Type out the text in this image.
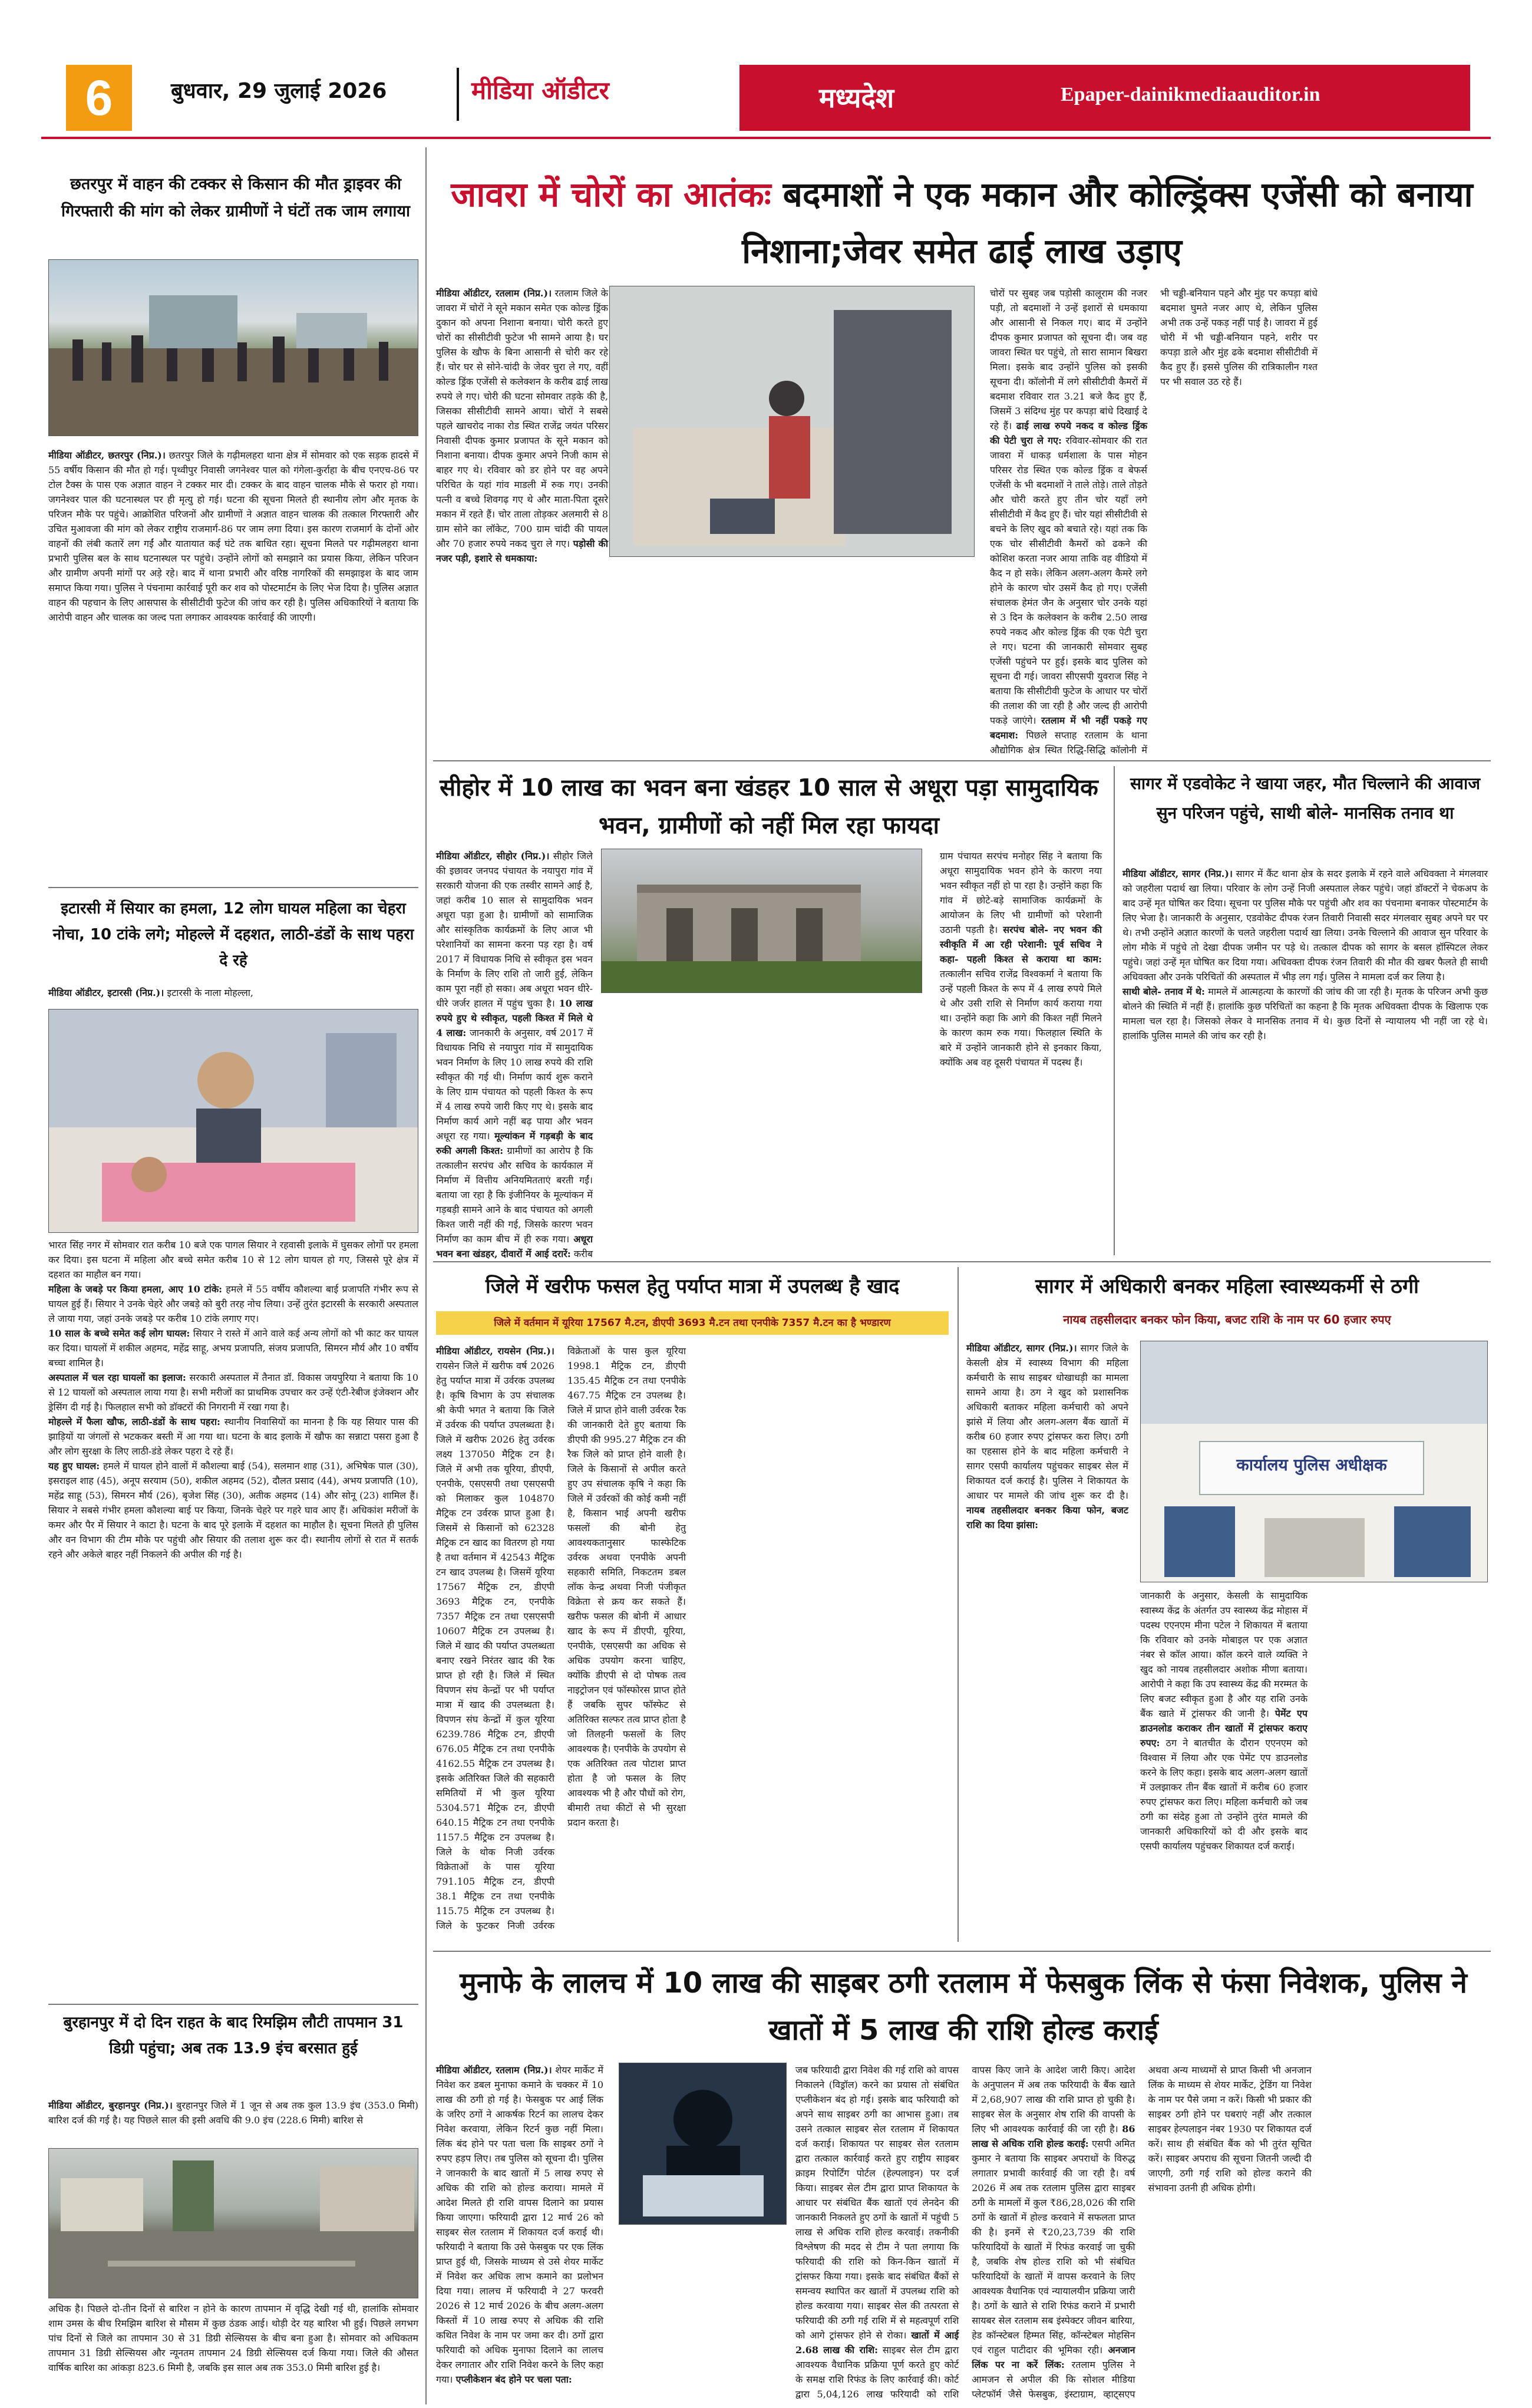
6	बुधवार, 29 जुलाई 2026	मीडिया ऑडीटर	मध्यदेश	Epaper-dainikmediaauditor.in
छतरपुर में वाहन की टक्कर से किसान की मौत ड्राइवर की गिरफ्तारी की मांग को लेकर ग्रामीणों ने घंटों तक जाम लगाया
मीडिया ऑडीटर, छतरपुर (निप्र.)। छतरपुर जिले के गढ़ीमलहरा थाना क्षेत्र में सोमवार को एक सड़क हादसे में 55 वर्षीय किसान की मौत हो गई। पृथ्वीपुर निवासी जगनेश्वर पाल को गंगेला-कुर्राहा के बीच एनएच-86 पर टोल टैक्स के पास एक अज्ञात वाहन ने टक्कर मार दी। टक्कर के बाद वाहन चालक मौके से फरार हो गया। जगनेश्वर पाल की घटनास्थल पर ही मृत्यु हो गई। घटना की सूचना मिलते ही स्थानीय लोग और मृतक के परिजन मौके पर पहुंचे। आक्रोशित परिजनों और ग्रामीणों ने अज्ञात वाहन चालक की तत्काल गिरफ्तारी और उचित मुआवजा की मांग को लेकर राष्ट्रीय राजमार्ग-86 पर जाम लगा दिया। इस कारण राजमार्ग के दोनों ओर वाहनों की लंबी कतारें लग गईं और यातायात कई घंटे तक बाधित रहा। सूचना मिलते पर गढ़ीमलहरा थाना प्रभारी पुलिस बल के साथ घटनास्थल पर पहुंचे। उन्होंने लोगों को समझाने का प्रयास किया, लेकिन परिजन और ग्रामीण अपनी मांगों पर अड़े रहे। बाद में थाना प्रभारी और वरिष्ठ नागरिकों की समझाइश के बाद जाम समाप्त किया गया। पुलिस ने पंचनामा कार्रवाई पूरी कर शव को पोस्टमार्टम के लिए भेज दिया है। पुलिस अज्ञात वाहन की पहचान के लिए आसपास के सीसीटीवी फुटेज की जांच कर रही है। पुलिस अधिकारियों ने बताया कि आरोपी वाहन और चालक का जल्द पता लगाकर आवश्यक कार्रवाई की जाएगी।
इटारसी में सियार का हमला, 12 लोग घायल महिला का चेहरा नोचा, 10 टांके लगे; मोहल्ले में दहशत, लाठी-डंडों के साथ पहरा दे रहे
मीडिया ऑडीटर, इटारसी (निप्र.)। इटारसी के नाला मोहल्ला,
भारत सिंह नगर में सोमवार रात करीब 10 बजे एक पागल सियार ने रहवासी इलाके में घुसकर लोगों पर हमला कर दिया। इस घटना में महिला और बच्चे समेत करीब 10 से 12 लोग घायल हो गए, जिससे पूरे क्षेत्र में दहशत का माहौल बन गया।
महिला के जबड़े पर किया हमला, आए 10 टांके: हमले में 55 वर्षीय कौशल्या बाई प्रजापति गंभीर रूप से घायल हुई हैं। सियार ने उनके चेहरे और जबड़े को बुरी तरह नोच लिया। उन्हें तुरंत इटारसी के सरकारी अस्पताल ले जाया गया, जहां उनके जबड़े पर करीब 10 टांके लगाए गए।
10 साल के बच्चे समेत कई लोग घायल: सियार ने रास्ते में आने वाले कई अन्य लोगों को भी काट कर घायल कर दिया। घायलों में शकील अहमद, महेंद्र साहू, अभय प्रजापति, संजय प्रजापति, सिमरन मौर्य और 10 वर्षीय बच्चा शामिल है।
अस्पताल में चल रहा घायलों का इलाज: सरकारी अस्पताल में तैनात डॉ. विकास जयपुरिया ने बताया कि 10 से 12 घायलों को अस्पताल लाया गया है। सभी मरीजों का प्राथमिक उपचार कर उन्हें एंटी-रेबीज इंजेक्शन और ड्रेसिंग दी गई है। फिलहाल सभी को डॉक्टरों की निगरानी में रखा गया है।
मोहल्ले में फैला खौफ, लाठी-डंडों के साथ पहरा: स्थानीय निवासियों का मानना है कि यह सियार पास की झाड़ियों या जंगलों से भटककर बस्ती में आ गया था। घटना के बाद इलाके में खौफ का सन्नाटा पसरा हुआ है और लोग सुरक्षा के लिए लाठी-डंडे लेकर पहरा दे रहे हैं।
यह हुए घायल: हमले में घायल होने वालों में कौशल्या बाई (54), सलमान शाह (31), अभिषेक पाल (30), इसराइल शाह (45), अनूप सरयाम (50), शकील अहमद (52), दौलत प्रसाद (44), अभय प्रजापति (10), महेंद्र साहू (53), सिमरन मौर्य (26), बृजेश सिंह (30), अतीक अहमद (14) और सोनू (23) शामिल हैं। सियार ने सबसे गंभीर हमला कौशल्या बाई पर किया, जिनके चेहरे पर गहरे घाव आए हैं। अधिकांश मरीजों के कमर और पैर में सियार ने काटा है। घटना के बाद पूरे इलाके में दहशत का माहौल है। सूचना मिलते ही पुलिस और वन विभाग की टीम मौके पर पहुंची और सियार की तलाश शुरू कर दी। स्थानीय लोगों से रात में सतर्क रहने और अकेले बाहर नहीं निकलने की अपील की गई है।
बुरहानपुर में दो दिन राहत के बाद रिमझिम लौटी तापमान 31 डिग्री पहुंचा; अब तक 13.9 इंच बरसात हुई
मीडिया ऑडीटर, बुरहानपुर (निप्र.)। बुरहानपुर जिले में 1 जून से अब तक कुल 13.9 इंच (353.0 मिमी) बारिश दर्ज की गई है। यह पिछले साल की इसी अवधि की 9.0 इंच (228.6 मिमी) बारिश से
अधिक है। पिछले दो-तीन दिनों से बारिश न होने के कारण तापमान में वृद्धि देखी गई थी, हालांकि सोमवार शाम उमस के बीच रिमझिम बारिश से मौसम में कुछ ठंडक आई। थोड़ी देर यह बारिश भी हुई। पिछले लगभग पांच दिनों से जिले का तापमान 30 से 31 डिग्री सेल्सियस के बीच बना हुआ है। सोमवार को अधिकतम तापमान 31 डिग्री सेल्सियस और न्यूनतम तापमान 24 डिग्री सेल्सियस दर्ज किया गया। जिले की औसत वार्षिक बारिश का आंकड़ा 823.6 मिमी है, जबकि इस साल अब तक 353.0 मिमी बारिश हुई है।
जावरा में चोरों का आतंकः बदमाशों ने एक मकान और कोल्ड्रिंक्स एजेंसी को बनाया निशाना;जेवर समेत ढाई लाख उड़ाए
मीडिया ऑडीटर, रतलाम (निप्र.)। रतलाम जिले के जावरा में चोरों ने सूने मकान समेत एक कोल्ड ड्रिंक दुकान को अपना निशाना बनाया। चोरी करते हुए चोरों का सीसीटीवी फुटेज भी सामने आया है। घर पुलिस के खौफ के बिना आसानी से चोरी कर रहे हैं। चोर घर से सोने-चांदी के जेवर चुरा ले गए, वहीं कोल्ड ड्रिंक एजेंसी से कलेक्शन के करीब ढाई लाख रुपये ले गए। चोरी की घटना सोमवार तड़के की है, जिसका सीसीटीवी सामने आया। चोरों ने सबसे पहले खाचरोद नाका रोड स्थित राजेंद्र जयंत परिसर निवासी दीपक कुमार प्रजापत के सूने मकान को निशाना बनाया। दीपक कुमार अपने निजी काम से बाहर गए थे। रविवार को डर होने पर वह अपने परिचित के यहां गांव माडली में रुक गए। उनकी पत्नी व बच्चे शिवगढ़ गए थे और माता-पिता दूसरे मकान में रहते हैं। चोर ताला तोड़कर अलमारी से 8 ग्राम सोने का लॉकेट, 700 ग्राम चांदी की पायल और 70 हजार रुपये नकद चुरा ले गए। पड़ोसी की नजर पड़ी, इशारे से धमकाया:
चोरों पर सुबह जब पड़ोसी कालूराम की नजर पड़ी, तो बदमाशों ने उन्हें इशारों से धमकाया और आसानी से निकल गए। बाद में उन्होंने दीपक कुमार प्रजापत को सूचना दी। जब वह जावरा स्थित घर पहुंचे, तो सारा सामान बिखरा मिला। इसके बाद उन्होंने पुलिस को इसकी सूचना दी। कॉलोनी में लगे सीसीटीवी कैमरों में बदमाश रविवार रात 3.21 बजे कैद हुए हैं, जिसमें 3 संदिग्ध मुंह पर कपड़ा बांधे दिखाई दे रहे हैं। ढाई लाख रुपये नकद व कोल्ड ड्रिंक की पेटी चुरा ले गए: रविवार-सोमवार की रात जावरा में धाकड़ धर्मशाला के पास मोहन परिसर रोड स्थित एक कोल्ड ड्रिंक व बेफर्स एजेंसी के भी बदमाशों ने ताले तोड़े। ताले तोड़ते और चोरी करते हुए तीन चोर यहाँ लगे सीसीटीवी में कैद हुए हैं। चोर यहां सीसीटीवी से बचने के लिए खुद को बचाते रहे। यहां तक कि एक चोर सीसीटीवी कैमरों को ढकने की कोशिश करता नजर आया ताकि वह वीडियो में कैद न हो सके। लेकिन अलग-अलग कैमरे लगे होने के कारण चोर उसमें कैद हो गए। एजेंसी संचालक हेमंत जैन के अनुसार चोर उनके यहां से 3 दिन के कलेक्शन के करीब 2.50 लाख रुपये नकद और कोल्ड ड्रिंक की एक पेटी चुरा ले गए। घटना की जानकारी सोमवार सुबह एजेंसी पहुंचने पर हुई। इसके बाद पुलिस को सूचना दी गई। जावरा सीएसपी युवराज सिंह ने बताया कि सीसीटीवी फुटेज के आधार पर चोरों की तलाश की जा रही है और जल्द ही आरोपी पकड़े जाएंगे। रतलाम में भी नहीं पकड़े गए बदमाश: पिछले सप्ताह रतलाम के थाना औद्योगिक क्षेत्र स्थित रिद्धि-सिद्धि कॉलोनी में भी चड्डी-बनियान पहने और मुंह पर कपड़ा बांधे बदमाश घुमते नजर आए थे, लेकिन पुलिस अभी तक उन्हें पकड़ नहीं पाई है। जावरा में हुई चोरी में भी चड्डी-बनियान पहने, शरीर पर कपड़ा डाले और मुंह ढके बदमाश सीसीटीवी में कैद हुए हैं। इससे पुलिस की रात्रिकालीन गश्त पर भी सवाल उठ रहे हैं।
सीहोर में 10 लाख का भवन बना खंडहर 10 साल से अधूरा पड़ा सामुदायिक भवन, ग्रामीणों को नहीं मिल रहा फायदा
मीडिया ऑडीटर, सीहोर (निप्र.)। सीहोर जिले की इछावर जनपद पंचायत के नयापुरा गांव में सरकारी योजना की एक तस्वीर सामने आई है, जहां करीब 10 साल से सामुदायिक भवन अधूरा पड़ा हुआ है। ग्रामीणों को सामाजिक और सांस्कृतिक कार्यक्रमों के लिए आज भी परेशानियों का सामना करना पड़ रहा है। वर्ष 2017 में विधायक निधि से स्वीकृत इस भवन के निर्माण के लिए राशि तो जारी हुई, लेकिन काम पूरा नहीं हो सका। अब अधूरा भवन धीरे-धीरे जर्जर हालत में पहुंच चुका है। 10 लाख रुपये हुए थे स्वीकृत, पहली किश्त में मिले थे 4 लाख: जानकारी के अनुसार, वर्ष 2017 में विधायक निधि से नयापुरा गांव में सामुदायिक भवन निर्माण के लिए 10 लाख रुपये की राशि स्वीकृत की गई थी। निर्माण कार्य शुरू कराने के लिए ग्राम पंचायत को पहली किश्त के रूप में 4 लाख रुपये जारी किए गए थे। इसके बाद निर्माण कार्य आगे नहीं बढ़ पाया और भवन अधूरा रह गया। मूल्यांकन में गड़बड़ी के बाद रुकी अगली किश्त: ग्रामीणों का आरोप है कि तत्कालीन सरपंच और सचिव के कार्यकाल में निर्माण में वित्तीय अनियमितताएं बरती गईं। बताया जा रहा है कि इंजीनियर के मूल्यांकन में गड़बड़ी सामने आने के बाद पंचायत को अगली किश्त जारी नहीं की गई, जिसके कारण भवन निर्माण का काम बीच में ही रुक गया। अधूरा भवन बना खंडहर, दीवारों में आई दरारें: करीब
ग्राम पंचायत सरपंच मनोहर सिंह ने बताया कि अधूरा सामुदायिक भवन होने के कारण नया भवन स्वीकृत नहीं हो पा रहा है। उन्होंने कहा कि गांव में छोटे-बड़े सामाजिक कार्यक्रमों के आयोजन के लिए भी ग्रामीणों को परेशानी उठानी पड़ती है। सरपंच बोले- नए भवन की स्वीकृति में आ रही परेशानी: पूर्व सचिव ने कहा- पहली किश्त से कराया था काम: तत्कालीन सचिव राजेंद्र विश्वकर्मा ने बताया कि उन्हें पहली किश्त के रूप में 4 लाख रुपये मिले थे और उसी राशि से निर्माण कार्य कराया गया था। उन्होंने कहा कि आगे की किश्त नहीं मिलने के कारण काम रुक गया। फिलहाल स्थिति के बारे में उन्होंने जानकारी होने से इनकार किया, क्योंकि अब वह दूसरी पंचायत में पदस्थ हैं।
सागर में एडवोकेट ने खाया जहर, मौत चिल्लाने की आवाज सुन परिजन पहुंचे, साथी बोले- मानसिक तनाव था
मीडिया ऑडीटर, सागर (निप्र.)। सागर में कैंट थाना क्षेत्र के सदर इलाके में रहने वाले अधिवक्ता ने मंगलवार को जहरीला पदार्थ खा लिया। परिवार के लोग उन्हें निजी अस्पताल लेकर पहुंचे। जहां डॉक्टरों ने चेकअप के बाद उन्हें मृत घोषित कर दिया। सूचना पर पुलिस मौके पर पहुंची और शव का पंचनामा बनाकर पोस्टमार्टम के लिए भेजा है। जानकारी के अनुसार, एडवोकेट दीपक रंजन तिवारी निवासी सदर मंगलवार सुबह अपने घर पर थे। तभी उन्होंने अज्ञात कारणों के चलते जहरीला पदार्थ खा लिया। उनके चिल्लाने की आवाज सुन परिवार के लोग मौके में पहुंचे तो देखा दीपक जमीन पर पड़े थे। तत्काल दीपक को सागर के बसल हॉस्पिटल लेकर पहुंचे। जहां उन्हें मृत घोषित कर दिया गया। अधिवक्ता दीपक रंजन तिवारी की मौत की खबर फैलते ही साथी अधिवक्ता और उनके परिचितों की अस्पताल में भीड़ लग गई। पुलिस ने मामला दर्ज कर लिया है।
साथी बोले- तनाव में थे: मामले में आत्महत्या के कारणों की जांच की जा रही है। मृतक के परिजन अभी कुछ बोलने की स्थिति में नहीं हैं। हालांकि कुछ परिचितों का कहना है कि मृतक अधिवक्ता दीपक के खिलाफ एक मामला चल रहा है। जिसको लेकर वे मानसिक तनाव में थे। कुछ दिनों से न्यायालय भी नहीं जा रहे थे। हालांकि पुलिस मामले की जांच कर रही है।
जिले में खरीफ फसल हेतु पर्याप्त मात्रा में उपलब्ध है खाद
जिले में वर्तमान में यूरिया 17567 मै.टन, डीएपी 3693 मै.टन तथा एनपीके 7357 मै.टन का है भण्डारण
मीडिया ऑडीटर, रायसेन (निप्र.)। रायसेन जिले में खरीफ वर्ष 2026 हेतु पर्याप्त मात्रा में उर्वरक उपलब्ध है। कृषि विभाग के उप संचालक श्री केपी भगत ने बताया कि जिले में उर्वरक की पर्याप्त उपलब्धता है। जिले में खरीफ 2026 हेतु उर्वरक लक्ष्य 137050 मैट्रिक टन है। जिले में अभी तक यूरिया, डीएपी, एनपीके, एसएसपी तथा एसएसपी को मिलाकर कुल 104870 मैट्रिक टन उर्वरक प्राप्त हुआ है। जिसमें से किसानों को 62328 मैट्रिक टन खाद का वितरण हो गया है तथा वर्तमान में 42543 मैट्रिक टन खाद उपलब्ध है। जिसमें यूरिया 17567 मैट्रिक टन, डीएपी 3693 मैट्रिक टन, एनपीके 7357 मैट्रिक टन तथा एसएसपी 10607 मैट्रिक टन उपलब्ध है। जिले में खाद की पर्याप्त उपलब्धता बनाए रखने निरंतर खाद की रैक प्राप्त हो रही है। जिले में स्थित विपणन संघ केन्द्रों पर भी पर्याप्त मात्रा में खाद की उपलब्धता है। विपणन संघ केन्द्रों में कुल यूरिया 6239.786 मैट्रिक टन, डीएपी 676.05 मैट्रिक टन तथा एनपीके 4162.55 मैट्रिक टन उपलब्ध है। इसके अतिरिक्त जिले की सहकारी समितियों में भी कुल यूरिया 5304.571 मैट्रिक टन, डीएपी 640.15 मैट्रिक टन तथा एनपीके 1157.5 मैट्रिक टन उपलब्ध है। जिले के थोक निजी उर्वरक विक्रेताओं के पास यूरिया 791.105 मैट्रिक टन, डीएपी 38.1 मैट्रिक टन तथा एनपीके 115.75 मैट्रिक टन उपलब्ध है। जिले के फुटकर निजी उर्वरक विक्रेताओं के पास कुल यूरिया 1998.1 मैट्रिक टन, डीएपी 135.45 मैट्रिक टन तथा एनपीके 467.75 मैट्रिक टन उपलब्ध है। जिले में प्राप्त होने वाली उर्वरक रैक की जानकारी देते हुए बताया कि डीएपी की 995.27 मैट्रिक टन की रैक जिले को प्राप्त होने वाली है। जिले के किसानों से अपील करते हुए उप संचालक कृषि ने कहा कि जिले में उर्वरकों की कोई कमी नहीं है, किसान भाई अपनी खरीफ फसलों की बोनी हेतु आवश्यकतानुसार फास्फेटिक उर्वरक अथवा एनपीके अपनी सहकारी समिति, निकटतम डबल लॉक केन्द्र अथवा निजी पंजीकृत विक्रेता से क्रय कर सकते हैं। खरीफ फसल की बोनी में आधार खाद के रूप में डीएपी, यूरिया, एनपीके, एसएसपी का अधिक से अधिक उपयोग करना चाहिए, क्योंकि डीएपी से दो पोषक तत्व नाइट्रोजन एवं फॉस्फोरस प्राप्त होते हैं जबकि सुपर फॉस्फेट से अतिरिक्त सल्फर तत्व प्राप्त होता है जो तिलहनी फसलों के लिए आवश्यक है। एनपीके के उपयोग से एक अतिरिक्त तत्व पोटाश प्राप्त होता है जो फसल के लिए आवश्यक भी है और पौधों को रोग, बीमारी तथा कीटों से भी सुरक्षा प्रदान करता है।
सागर में अधिकारी बनकर महिला स्वास्थ्यकर्मी से ठगी
नायब तहसीलदार बनकर फोन किया, बजट राशि के नाम पर 60 हजार रुपए
मीडिया ऑडीटर, सागर (निप्र.)। सागर जिले के केसली क्षेत्र में स्वास्थ्य विभाग की महिला कर्मचारी के साथ साइबर धोखाधड़ी का मामला सामने आया है। ठग ने खुद को प्रशासनिक अधिकारी बताकर महिला कर्मचारी को अपने झांसे में लिया और अलग-अलग बैंक खातों में करीब 60 हजार रुपए ट्रांसफर करा लिए। ठगी का एहसास होने के बाद महिला कर्मचारी ने सागर एसपी कार्यालय पहुंचकर साइबर सेल में शिकायत दर्ज कराई है। पुलिस ने शिकायत के आधार पर मामले की जांच शुरू कर दी है। नायब तहसीलदार बनकर किया फोन, बजट राशि का दिया झांसा:
कार्यालय पुलिस अधीक्षक
जानकारी के अनुसार, केसली के सामुदायिक स्वास्थ्य केंद्र के अंतर्गत उप स्वास्थ्य केंद्र मोहास में पदस्थ एएनएम मीना पटेल ने शिकायत में बताया कि रविवार को उनके मोबाइल पर एक अज्ञात नंबर से कॉल आया। कॉल करने वाले व्यक्ति ने खुद को नायब तहसीलदार अशोक मीणा बताया। आरोपी ने कहा कि उप स्वास्थ्य केंद्र की मरम्मत के लिए बजट स्वीकृत हुआ है और यह राशि उनके बैंक खाते में ट्रांसफर की जानी है। पेमेंट एप डाउनलोड कराकर तीन खातों में ट्रांसफर कराए रुपए: ठग ने बातचीत के दौरान एएनएम को विश्वास में लिया और एक पेमेंट एप डाउनलोड करने के लिए कहा। इसके बाद अलग-अलग खातों में उलझाकर तीन बैंक खातों में करीब 60 हजार रुपए ट्रांसफर करा लिए। महिला कर्मचारी को जब ठगी का संदेह हुआ तो उन्होंने तुरंत मामले की जानकारी अधिकारियों को दी और इसके बाद एसपी कार्यालय पहुंचकर शिकायत दर्ज कराई।
मुनाफे के लालच में 10 लाख की साइबर ठगी रतलाम में फेसबुक लिंक से फंसा निवेशक, पुलिस ने खातों में 5 लाख की राशि होल्ड कराई
मीडिया ऑडीटर, रतलाम (निप्र.)। शेयर मार्केट में निवेश कर डबल मुनाफा कमाने के चक्कर में 10 लाख की ठगी हो गई है। फेसबुक पर आई लिंक के जरिए ठगों ने आकर्षक रिटर्न का लालच देकर निवेश करवाया, लेकिन रिटर्न कुछ नहीं मिला। लिंक बंद होने पर पता चला कि साइबर ठगों ने रुपए हड़प लिए। तब पुलिस को सूचना दी। पुलिस ने जानकारी के बाद खातों में 5 लाख रुपए से अधिक की राशि को होल्ड कराया। मामले में आदेश मिलते ही राशि वापस दिलाने का प्रयास किया जाएगा। फरियादी द्वारा 12 मार्च 26 को साइबर सेल रतलाम में शिकायत दर्ज कराई थी। फरियादी ने बताया कि उसे फेसबुक पर एक लिंक प्राप्त हुई थी, जिसके माध्यम से उसे शेयर मार्केट में निवेश कर अधिक लाभ कमाने का प्रलोभन दिया गया। लालच में फरियादी ने 27 फरवरी 2026 से 12 मार्च 2026 के बीच अलग-अलग किस्तों में 10 लाख रुपए से अधिक की राशि कथित निवेश के नाम पर जमा कर दी। ठगों द्वारा फरियादी को अधिक मुनाफा दिलाने का लालच देकर लगातार और राशि निवेश करने के लिए कहा गया। एप्लीकेशन बंद होने पर चला पता:
जब फरियादी द्वारा निवेश की गई राशि को वापस निकालने (विड्रॉल) करने का प्रयास तो संबंधित एप्लीकेशन बंद हो गई। इसके बाद फरियादी को अपने साथ साइबर ठगी का आभास हुआ। तब उसने तत्काल साइबर सेल रतलाम में शिकायत दर्ज कराई। शिकायत पर साइबर सेल रतलाम द्वारा तत्काल कार्रवाई करते हुए राष्ट्रीय साइबर क्राइम रिपोर्टिंग पोर्टल (हेल्पलाइन) पर दर्ज किया। साइबर सेल टीम द्वारा प्राप्त शिकायत के आधार पर संबंधित बैंक खातों एवं लेनदेन की जानकारी निकलते हुए ठगों के खातों में पहुंची 5 लाख से अधिक राशि होल्ड करवाई। तकनीकी विश्लेषण की मदद से टीम ने पता लगाया कि फरियादी की राशि को किन-किन खातों में ट्रांसफर किया गया। इसके बाद संबंधित बैंकों से समन्वय स्थापित कर खातों में उपलब्ध राशि को होल्ड करवाया गया। साइबर सेल की तत्परता से फरियादी की ठगी गई राशि में से महत्वपूर्ण राशि को आगे ट्रांसफर होने से रोका। खातों में आई 2.68 लाख की राशि: साइबर सेल टीम द्वारा आवश्यक वैधानिक प्रक्रिया पूर्ण करते हुए कोर्ट के समक्ष राशि रिफंड के लिए कार्रवाई की। कोर्ट द्वारा 5,04,126 लाख फरियादी को राशि वापस किए जाने के आदेश जारी किए। आदेश के अनुपालन में अब तक फरियादी के बैंक खाते में 2,68,907 लाख की राशि प्राप्त हो चुकी है। साइबर सेल के अनुसार शेष राशि की वापसी के लिए भी आवश्यक कार्रवाई की जा रही है। 86 लाख से अधिक राशि होल्ड कराई: एसपी अमित कुमार ने बताया कि साइबर अपराधों के विरुद्ध लगातार प्रभावी कार्रवाई की जा रही है। वर्ष 2026 में अब तक रतलाम पुलिस द्वारा साइबर ठगी के मामलों में कुल ₹86,28,026 की राशि ठगों के खातों में होल्ड करवाने में सफलता प्राप्त की है। इनमें से ₹20,23,739 की राशि फरियादियों के खातों में रिफंड करवाई जा चुकी है, जबकि शेष होल्ड राशि को भी संबंधित फरियादियों के खातों में वापस करवाने के लिए आवश्यक वैधानिक एवं न्यायालयीन प्रक्रिया जारी है। ठगों के खाते से राशि रिफंड कराने में प्रभारी सायबर सेल रतलाम सब इंस्पेक्टर जीवन बारिया, हेड कॉन्स्टेबल हिम्मत सिंह, कॉन्स्टेबल मोहसिन एवं राहुल पाटीदार की भूमिका रही। अनजान लिंक पर ना करें लिंक: रतलाम पुलिस ने आमजन से अपील की कि सोशल मीडिया प्लेटफॉर्म जैसे फेसबुक, इंस्टाग्राम, व्हाट्सएप अथवा अन्य माध्यमों से प्राप्त किसी भी अनजान लिंक के माध्यम से शेयर मार्केट, ट्रेडिंग या निवेश के नाम पर पैसे जमा न करें। किसी भी प्रकार की साइबर ठगी होने पर घबराएं नहीं और तत्काल साइबर हेल्पलाइन नंबर 1930 पर शिकायत दर्ज करें। साथ ही संबंधित बैंक को भी तुरंत सूचित करें। साइबर अपराध की सूचना जितनी जल्दी दी जाएगी, ठगी गई राशि को होल्ड कराने की संभावना उतनी ही अधिक होगी।
